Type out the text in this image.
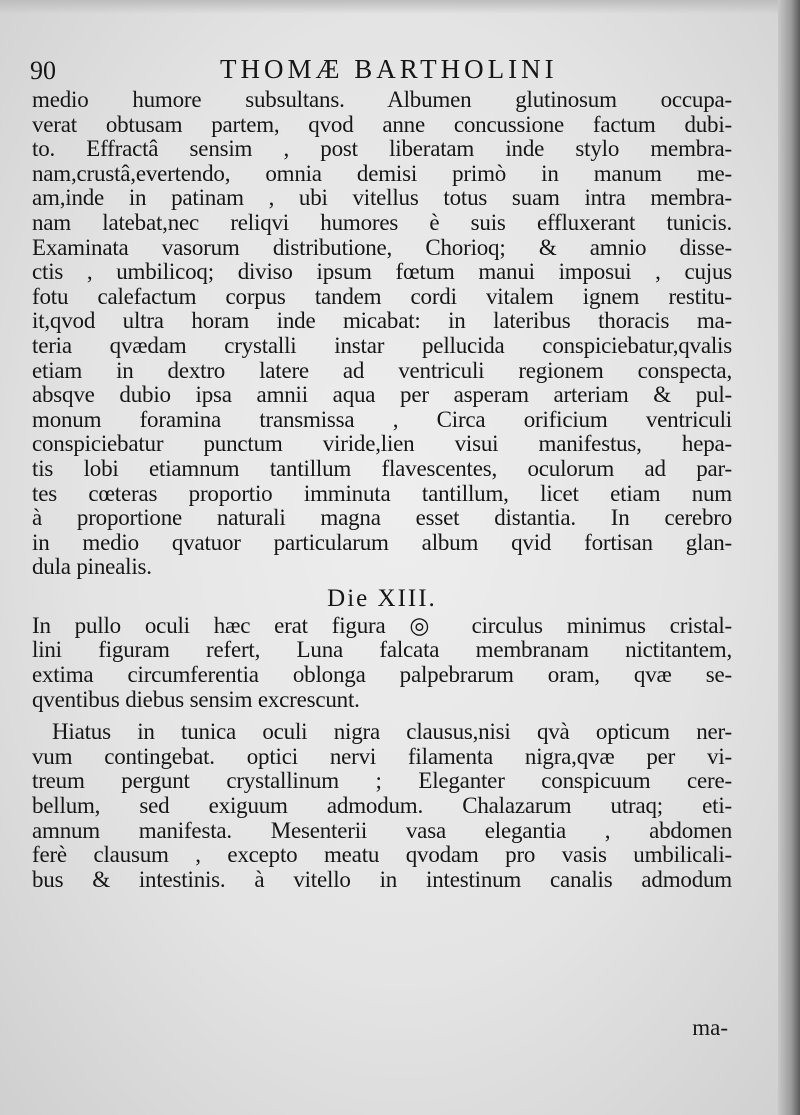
90	THOMÆ BARTHOLINI
medio humore subsultans. Albumen glutinosum occupa-
verat obtusam partem, qvod anne concussione factum dubi-
to. Effractâ sensim , post liberatam inde stylo membra-
nam,crustâ,evertendo, omnia demisi primò in manum me-
am,inde in patinam , ubi vitellus totus suam intra membra-
nam latebat,nec reliqvi humores è suis effluxerant tunicis.
Examinata vasorum distributione, Chorioq; & amnio disse-
ctis , umbilicoq; diviso ipsum fœtum manui imposui , cujus
fotu calefactum corpus tandem cordi vitalem ignem restitu-
it,qvod ultra horam inde micabat: in lateribus thoracis ma-
teria qvædam crystalli instar pellucida conspiciebatur,qvalis
etiam in dextro latere ad ventriculi regionem conspecta,
absqve dubio ipsa amnii aqua per asperam arteriam & pul-
monum foramina transmissa , Circa orificium ventriculi
conspiciebatur punctum viride,lien visui manifestus, hepa-
tis lobi etiamnum tantillum flavescentes, oculorum ad par-
tes cœteras proportio imminuta tantillum, licet etiam num
à proportione naturali magna esset distantia. In cerebro
in medio qvatuor particularum album qvid fortisan glan-
dula pinealis.
Die XIII.
In pullo oculi hæc erat figura ◎ circulus minimus cristal-
lini figuram refert, Luna falcata membranam nictitantem,
extima circumferentia oblonga palpebrarum oram, qvæ se-
qventibus diebus sensim excrescunt.
Hiatus in tunica oculi nigra clausus,nisi qvà opticum ner-
vum contingebat. optici nervi filamenta nigra,qvæ per vi-
treum pergunt crystallinum ; Eleganter conspicuum cere-
bellum, sed exiguum admodum. Chalazarum utraq; eti-
amnum manifesta. Mesenterii vasa elegantia , abdomen
ferè clausum , excepto meatu qvodam pro vasis umbilicali-
bus & intestinis. à vitello in intestinum canalis admodum
ma-
